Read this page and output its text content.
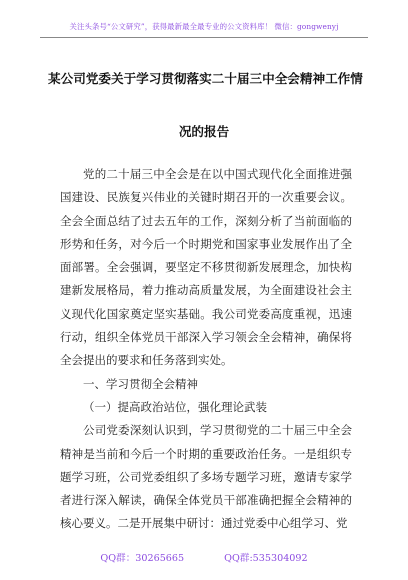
关注头条号“公文研究”，获得最新最全最专业的公文资料库！ 微信：gongwenyj
某公司党委关于学习贯彻落实二十届三中全会精神工作情
况的报告

党的二十届三中全会是在以中国式现代化全面推进强国建设、民族复兴伟业的关键时期召开的一次重要会议。全会全面总结了过去五年的工作，深刻分析了当前面临的形势和任务，对今后一个时期党和国家事业发展作出了全面部署。全会强调，要坚定不移贯彻新发展理念，加快构建新发展格局，着力推动高质量发展，为全面建设社会主义现代化国家奠定坚实基础。我公司党委高度重视，迅速行动，组织全体党员干部深入学习领会全会精神，确保将全会提出的要求和任务落到实处。

一、学习贯彻全会精神

（一）提高政治站位，强化理论武装

公司党委深刻认识到，学习贯彻党的二十届三中全会精神是当前和今后一个时期的重要政治任务。一是组织专题学习班，公司党委组织了多场专题学习班，邀请专家学者进行深入解读，确保全体党员干部准确把握全会精神的核心要义。二是开展集中研讨：通过党委中心组学习、党

QQ群：30265665	QQ群:535304092
